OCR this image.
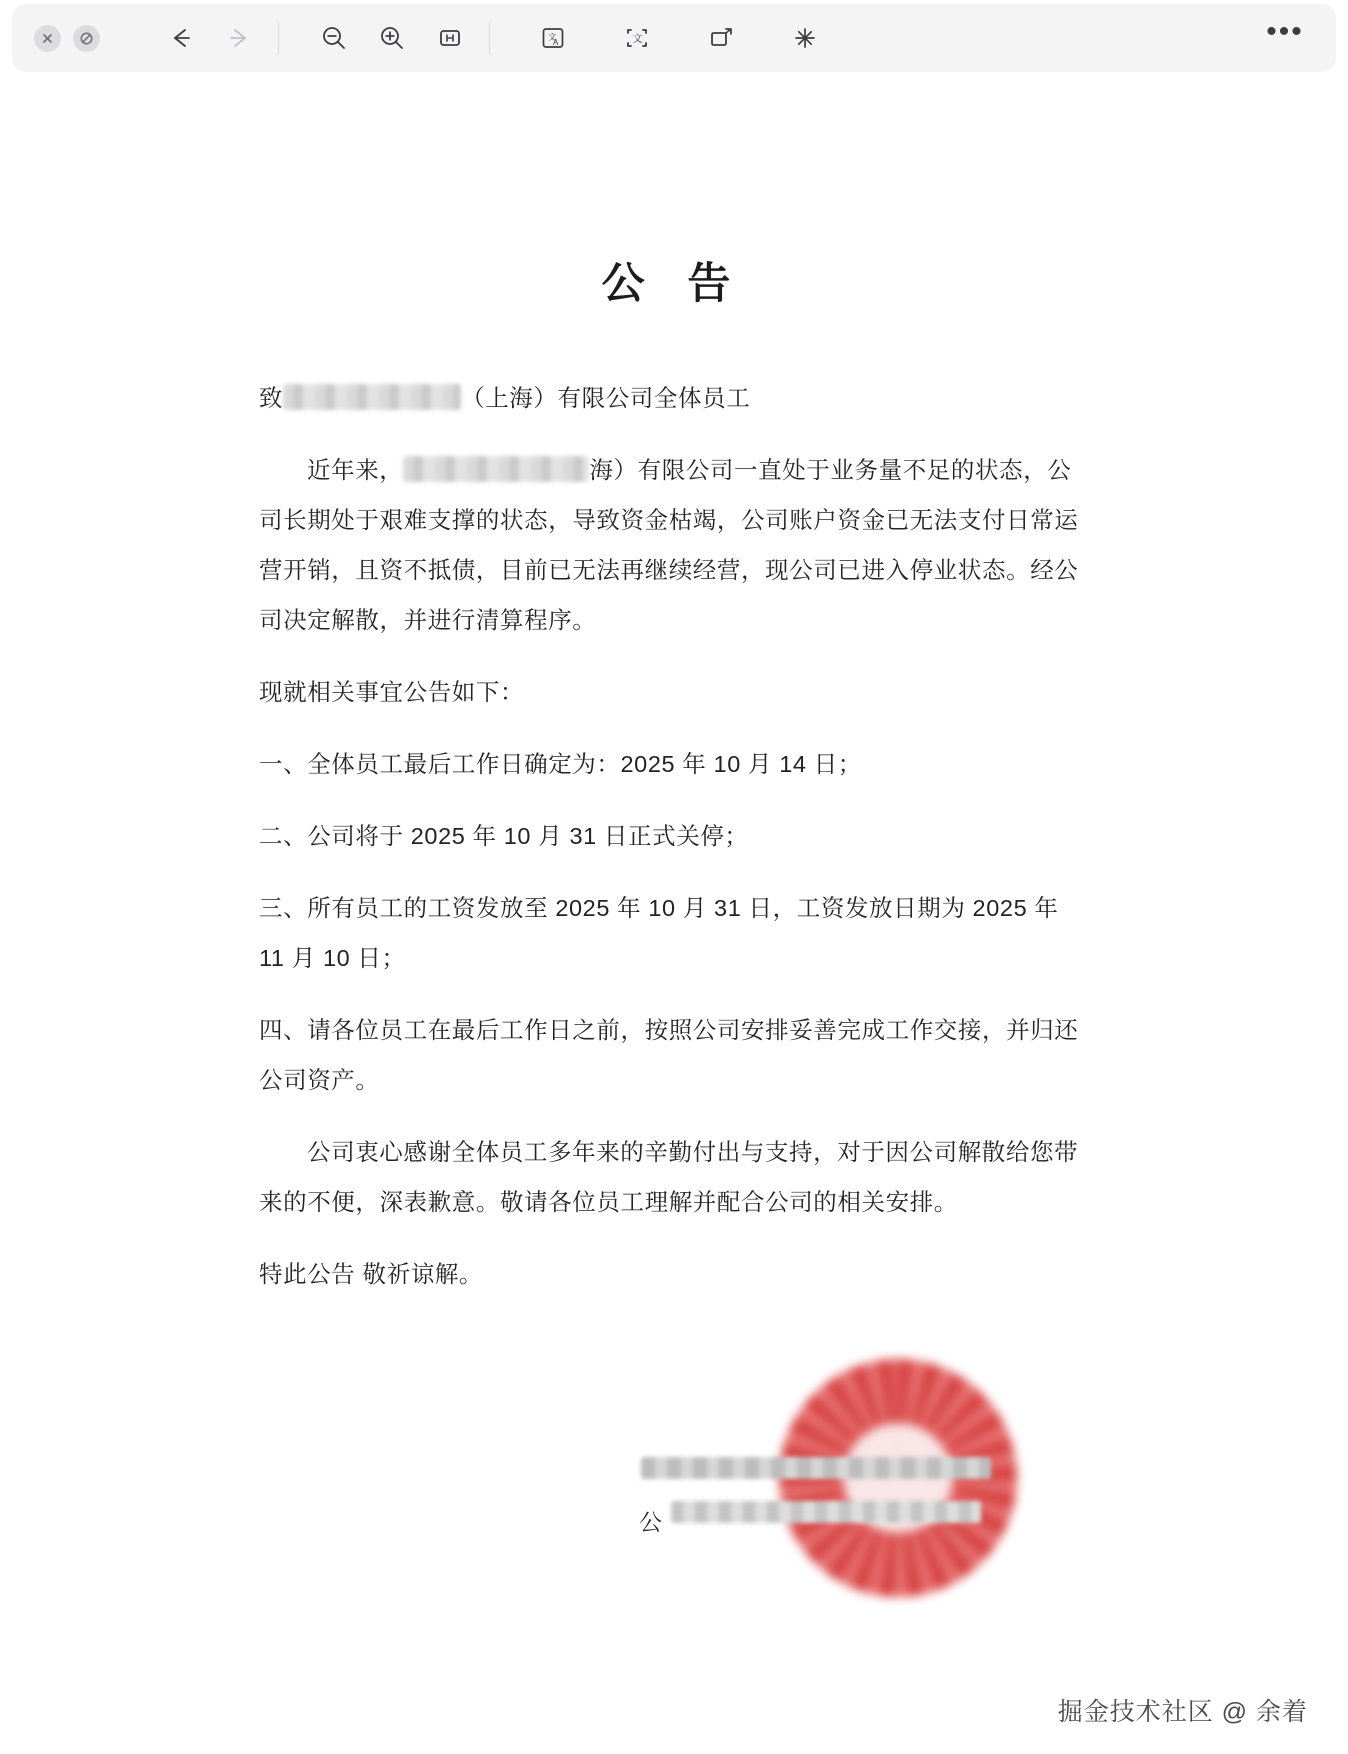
文
A	文	•••
公 告

致	（上海）有限公司全体员工

近年来，	海）有限公司一直处于业务量不足的状态，公司长期处于艰难支撑的状态，导致资金枯竭，公司账户资金已无法支付日常运营开销，且资不抵债，目前已无法再继续经营，现公司已进入停业状态。经公司决定解散，并进行清算程序。

现就相关事宜公告如下：

一、全体员工最后工作日确定为：2025 年 10 月 14 日；

二、公司将于 2025 年 10 月 31 日正式关停；

三、所有员工的工资发放至 2025 年 10 月 31 日，工资发放日期为 2025 年 11 月 10 日；

四、请各位员工在最后工作日之前，按照公司安排妥善完成工作交接，并归还公司资产。

公司衷心感谢全体员工多年来的辛勤付出与支持，对于因公司解散给您带来的不便，深表歉意。敬请各位员工理解并配合公司的相关安排。

特此公告 敬祈谅解。

公
掘金技术社区 @ 余着
